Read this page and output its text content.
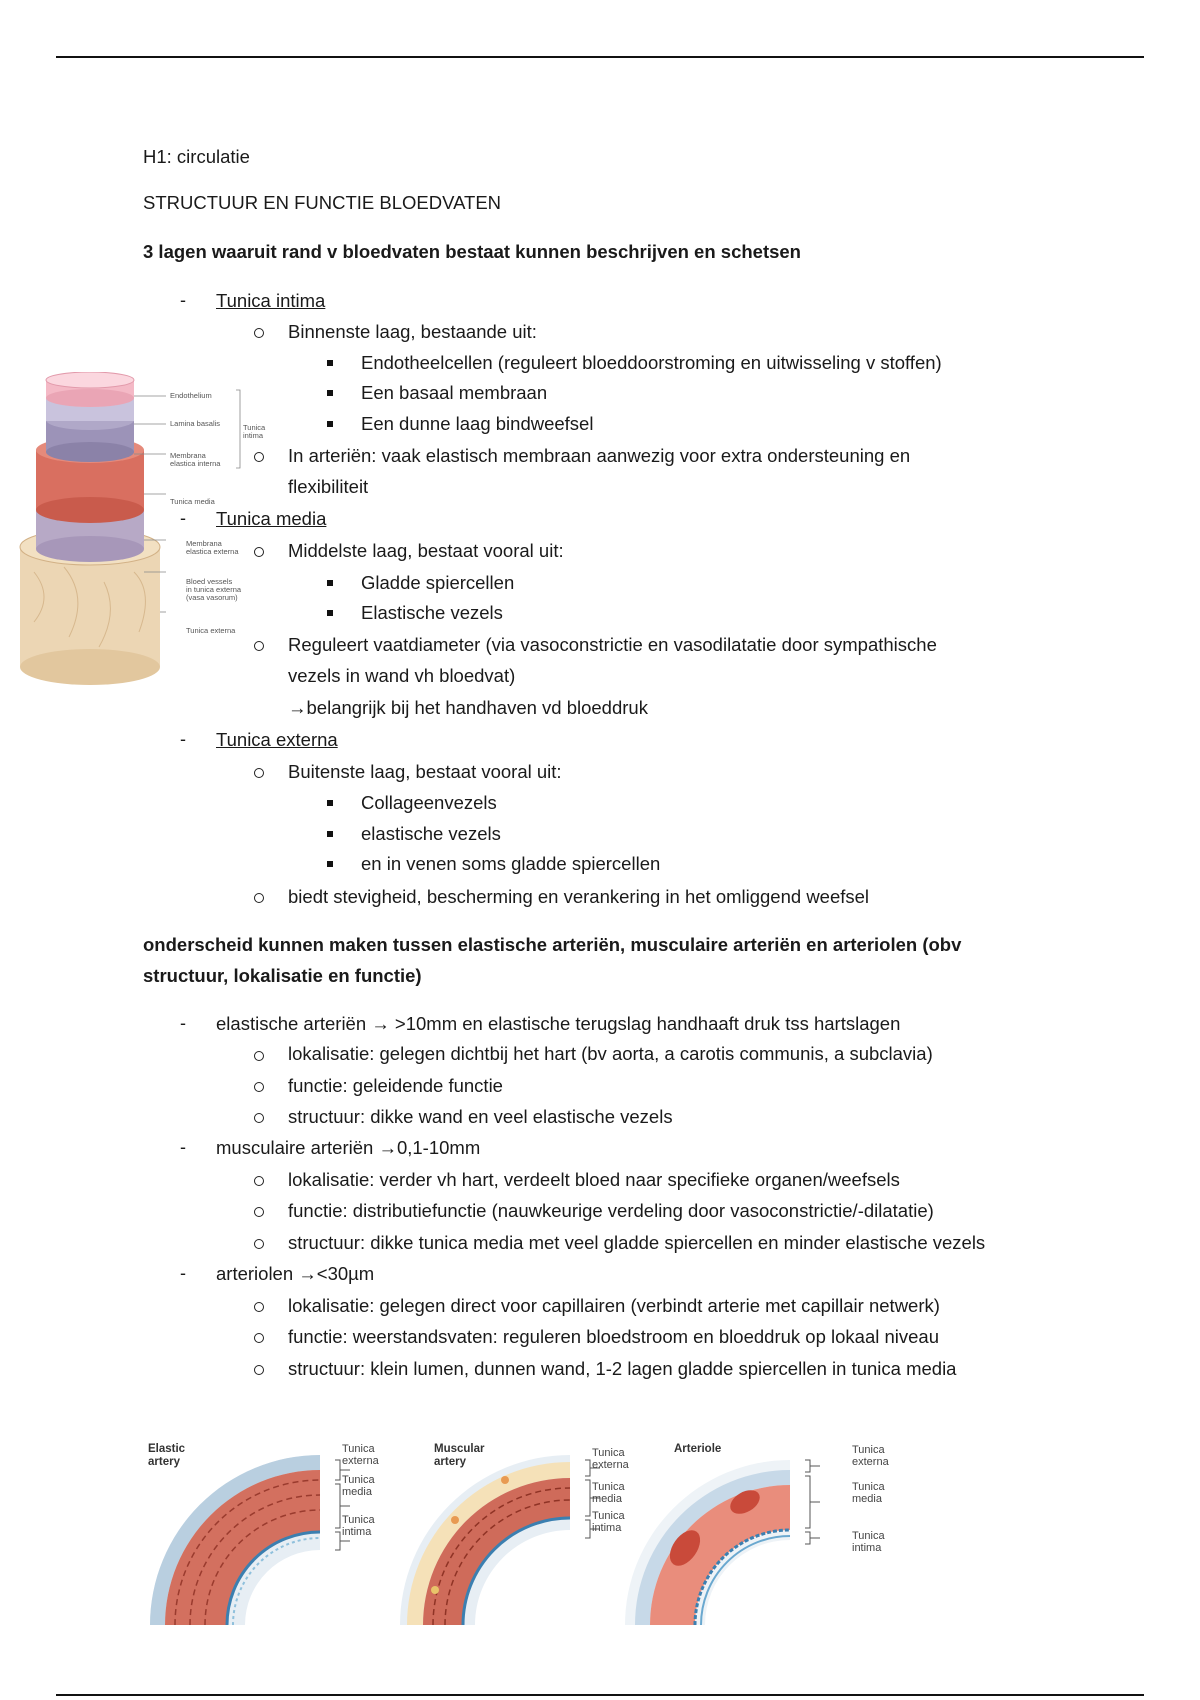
H1: circulatie
STRUCTUUR EN FUNCTIE BLOEDVATEN
3 lagen waaruit rand v bloedvaten bestaat kunnen beschrijven en schetsen
Endothelium
Lamina basalis	Tunica
intima
Membrana
elastica interna
Tunica media
Membrana
elastica externa
Bloed vessels
in tunica externa
(vasa vasorum)
Tunica externa
- Tunica intima
Binnenste laag, bestaande uit:
Endotheelcellen (reguleert bloeddoorstroming en uitwisseling v stoffen)
Een basaal membraan
Een dunne laag bindweefsel
In arteriën: vaak elastisch membraan aanwezig voor extra ondersteuning en
flexibiliteit
- Tunica media
Middelste laag, bestaat vooral uit:
Gladde spiercellen
Elastische vezels
Reguleert vaatdiameter (via vasoconstrictie en vasodilatatie door sympathische
vezels in wand vh bloedvat)
→belangrijk bij het handhaven vd bloeddruk
- Tunica externa
Buitenste laag, bestaat vooral uit:
Collageenvezels
elastische vezels
en in venen soms gladde spiercellen
biedt stevigheid, bescherming en verankering in het omliggend weefsel
onderscheid kunnen maken tussen elastische arteriën, musculaire arteriën en arteriolen (obv
structuur, lokalisatie en functie)
- elastische arteriën → >10mm en elastische terugslag handhaaft druk tss hartslagen
lokalisatie: gelegen dichtbij het hart (bv aorta, a carotis communis, a subclavia)
functie: geleidende functie
structuur: dikke wand en veel elastische vezels
- musculaire arteriën →0,1-10mm
lokalisatie: verder vh hart, verdeelt bloed naar specifieke organen/weefsels
functie: distributiefunctie (nauwkeurige verdeling door vasoconstrictie/-dilatatie)
structuur: dikke tunica media met veel gladde spiercellen en minder elastische vezels
- arteriolen →<30µm
lokalisatie: gelegen direct voor capillairen (verbindt arterie met capillair netwerk)
functie: weerstandsvaten: reguleren bloedstroom en bloeddruk op lokaal niveau
structuur: klein lumen, dunnen wand, 1-2 lagen gladde spiercellen in tunica media
Elastic
artery
Tunica
externa
Tunica
media
Tunica
intima
Muscular
artery
Tunica
externa
Tunica
media
Tunica
intima
Arteriole	Tunica
externa
Tunica
media
Tunica
intima
